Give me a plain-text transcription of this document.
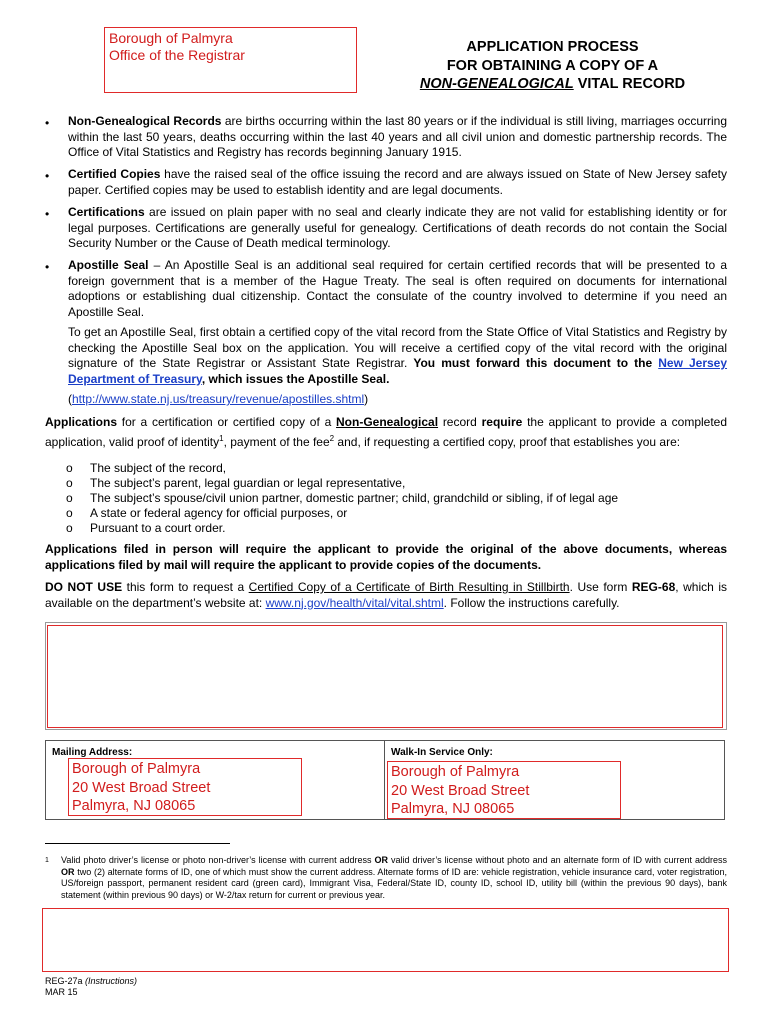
Borough of Palmyra
Office of the Registrar	APPLICATION PROCESS
FOR OBTAINING A COPY OF A
NON-GENEALOGICAL VITAL RECORD
•	Non-Genealogical Records are births occurring within the last 80 years or if the individual is still living, marriages occurring within the last 50 years, deaths occurring within the last 40 years and all civil union and domestic partnership records. The Office of Vital Statistics and Registry has records beginning January 1915.
•	Certified Copies have the raised seal of the office issuing the record and are always issued on State of New Jersey safety paper. Certified copies may be used to establish identity and are legal documents.
•	Certifications are issued on plain paper with no seal and clearly indicate they are not valid for establishing identity or for legal purposes. Certifications are generally useful for genealogy. Certifications of death records do not contain the Social Security Number or the Cause of Death medical terminology.
•	Apostille Seal – An Apostille Seal is an additional seal required for certain certified records that will be presented to a foreign government that is a member of the Hague Treaty. The seal is often required on documents for international adoptions or establishing dual citizenship. Contact the consulate of the country involved to determine if you need an Apostille Seal.
To get an Apostille Seal, first obtain a certified copy of the vital record from the State Office of Vital Statistics and Registry by checking the Apostille Seal box on the application. You will receive a certified copy of the vital record with the original signature of the State Registrar or Assistant State Registrar. You must forward this document to the New Jersey Department of Treasury, which issues the Apostille Seal.
(http://www.state.nj.us/treasury/revenue/apostilles.shtml)
Applications for a certification or certified copy of a Non-Genealogical record require the applicant to provide a completed application, valid proof of identity$^1$, payment of the fee$^2$ and, if requesting a certified copy, proof that establishes you are:
o	The subject of the record,
o	The subject’s parent, legal guardian or legal representative,
o	The subject’s spouse/civil union partner, domestic partner; child, grandchild or sibling, if of legal age
o	A state or federal agency for official purposes, or
o	Pursuant to a court order.
Applications filed in person will require the applicant to provide the original of the above documents, whereas applications filed by mail will require the applicant to provide copies of the documents.
DO NOT USE this form to request a Certified Copy of a Certificate of Birth Resulting in Stillbirth. Use form REG-68, which is available on the department’s website at: www.nj.gov/health/vital/vital.shtml. Follow the instructions carefully.
Mailing Address:	Walk-In Service Only:
Borough of Palmyra
20 West Broad Street
Palmyra, NJ 08065
Borough of Palmyra
20 West Broad Street
Palmyra, NJ 08065
$^1$	Valid photo driver’s license or photo non-driver’s license with current address OR valid driver’s license without photo and an alternate form of ID with current address OR two (2) alternate forms of ID, one of which must show the current address. Alternate forms of ID are: vehicle registration, vehicle insurance card, voter registration, US/foreign passport, permanent resident card (green card), Immigrant Visa, Federal/State ID, county ID, school ID, utility bill (within the previous 90 days), bank statement (within previous 90 days) or W-2/tax return for current or previous year.
REG-27a (Instructions)
MAR 15
